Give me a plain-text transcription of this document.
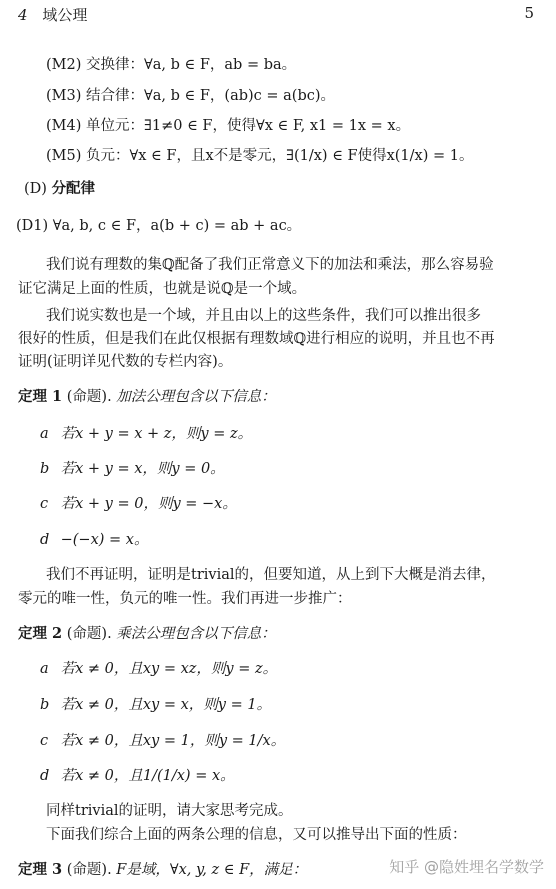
4 域公理	5
(M2) 交换律：∀a, b ∈ F，ab = ba。
(M3) 结合律：∀a, b ∈ F，(ab)c = a(bc)。
(M4) 单位元：∃1≠0 ∈ F，使得∀x ∈ F, x1 = 1x = x。
(M5) 负元：∀x ∈ F，且x不是零元，∃(1/x) ∈ F使得x(1/x) = 1。
(D) 分配律
(D1) ∀a, b, c ∈ F，a(b + c) = ab + ac。
我们说有理数的集ℚ配备了我们正常意义下的加法和乘法，那么容易验
证它满足上面的性质，也就是说ℚ是一个域。
我们说实数也是一个域，并且由以上的这些条件，我们可以推出很多
很好的性质，但是我们在此仅根据有理数域ℚ进行相应的说明，并且也不再
证明(证明详见代数的专栏内容)。
定理 1 (命题). 加法公理包含以下信息：
a 若x + y = x + z，则y = z。
b 若x + y = x，则y = 0。
c 若x + y = 0，则y = −x。
d −(−x) = x。
我们不再证明，证明是trivial的，但要知道，从上到下大概是消去律，
零元的唯一性，负元的唯一性。我们再进一步推广：
定理 2 (命题). 乘法公理包含以下信息：
a 若x ≠ 0，且xy = xz，则y = z。
b 若x ≠ 0，且xy = x，则y = 1。
c 若x ≠ 0，且xy = 1，则y = 1/x。
d 若x ≠ 0，且1/(1/x) = x。
同样trivial的证明，请大家思考完成。
下面我们综合上面的两条公理的信息，又可以推导出下面的性质：
定理 3 (命题). F是域，∀x, y, z ∈ F，满足：	知乎 @隐姓埋名学数学
